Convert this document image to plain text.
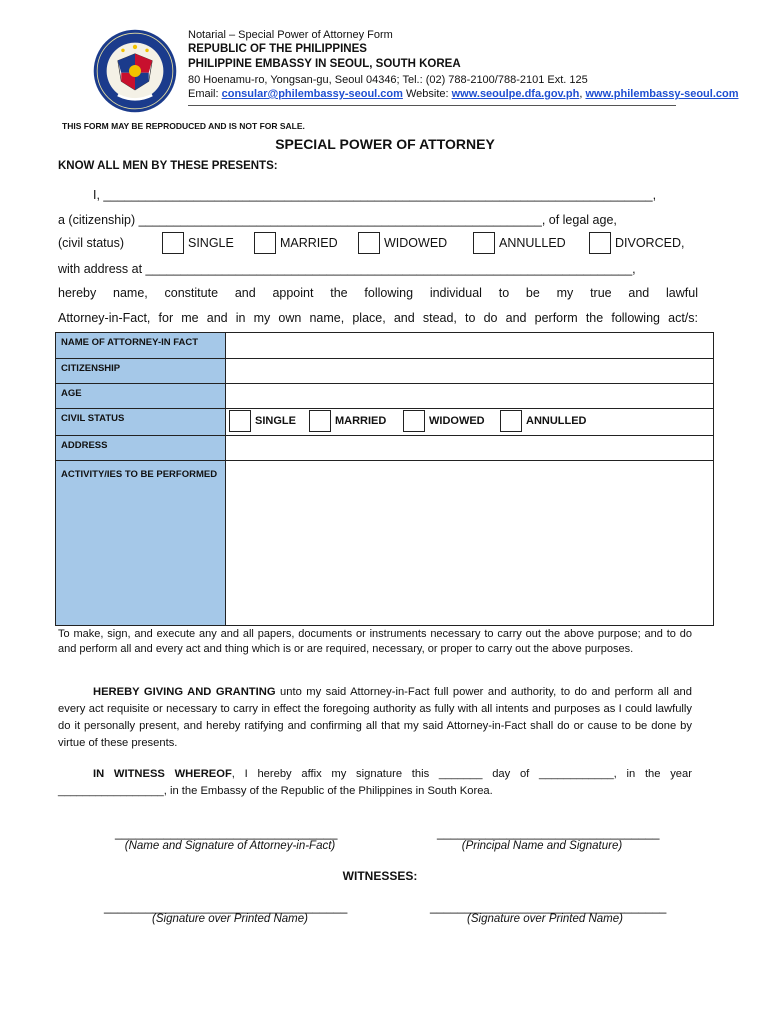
Notarial – Special Power of Attorney Form
REPUBLIC OF THE PHILIPPINES
PHILIPPINE EMBASSY IN SEOUL, SOUTH KOREA
80 Hoenamu-ro, Yongsan-gu, Seoul 04346; Tel.: (02) 788-2100/788-2101 Ext. 125
Email: consular@philembassy-seoul.com Website: www.seoulpe.dfa.gov.ph, www.philembassy-seoul.com
THIS FORM MAY BE REPRODUCED AND IS NOT FOR SALE.
SPECIAL POWER OF ATTORNEY
KNOW ALL MEN BY THESE PRESENTS:
I, _______________________________________________________________________________,
a (citizenship) __________________________________________________________, of legal age,
(civil status)	SINGLE	MARRIED	WIDOWED	ANNULLED	DIVORCED,
with address at ______________________________________________________________________,
hereby name, constitute and appoint the following individual to be my true and lawful
Attorney-in-Fact, for me and in my own name, place, and stead, to do and perform the following act/s:
NAME OF ATTORNEY-IN FACT	
CITIZENSHIP	
AGE	
CIVIL STATUS	SINGLE MARRIED WIDOWED ANNULLED

ADDRESS	
ACTIVITY/IES TO BE PERFORMED	
To make, sign, and execute any and all papers, documents or instruments necessary to carry out the above purpose; and to do and perform all and every act and thing which is or are required, necessary, or proper to carry out the above purposes.
HEREBY GIVING AND GRANTING unto my said Attorney-in-Fact full power and authority, to do and perform all and every act requisite or necessary to carry in effect the foregoing authority as fully with all intents and purposes as I could lawfully do it personally present, and hereby ratifying and confirming all that my said Attorney-in-Fact shall do or cause to be done by virtue of these presents.
IN WITNESS WHEREOF, I hereby affix my signature this _______ day of ____________, in the year _________________, in the Embassy of the Republic of the Philippines in South Korea.
________________________________
(Name and Signature of Attorney-in-Fact)
________________________________
(Principal Name and Signature)
WITNESSES:
___________________________________
(Signature over Printed Name)
__________________________________
(Signature over Printed Name)
